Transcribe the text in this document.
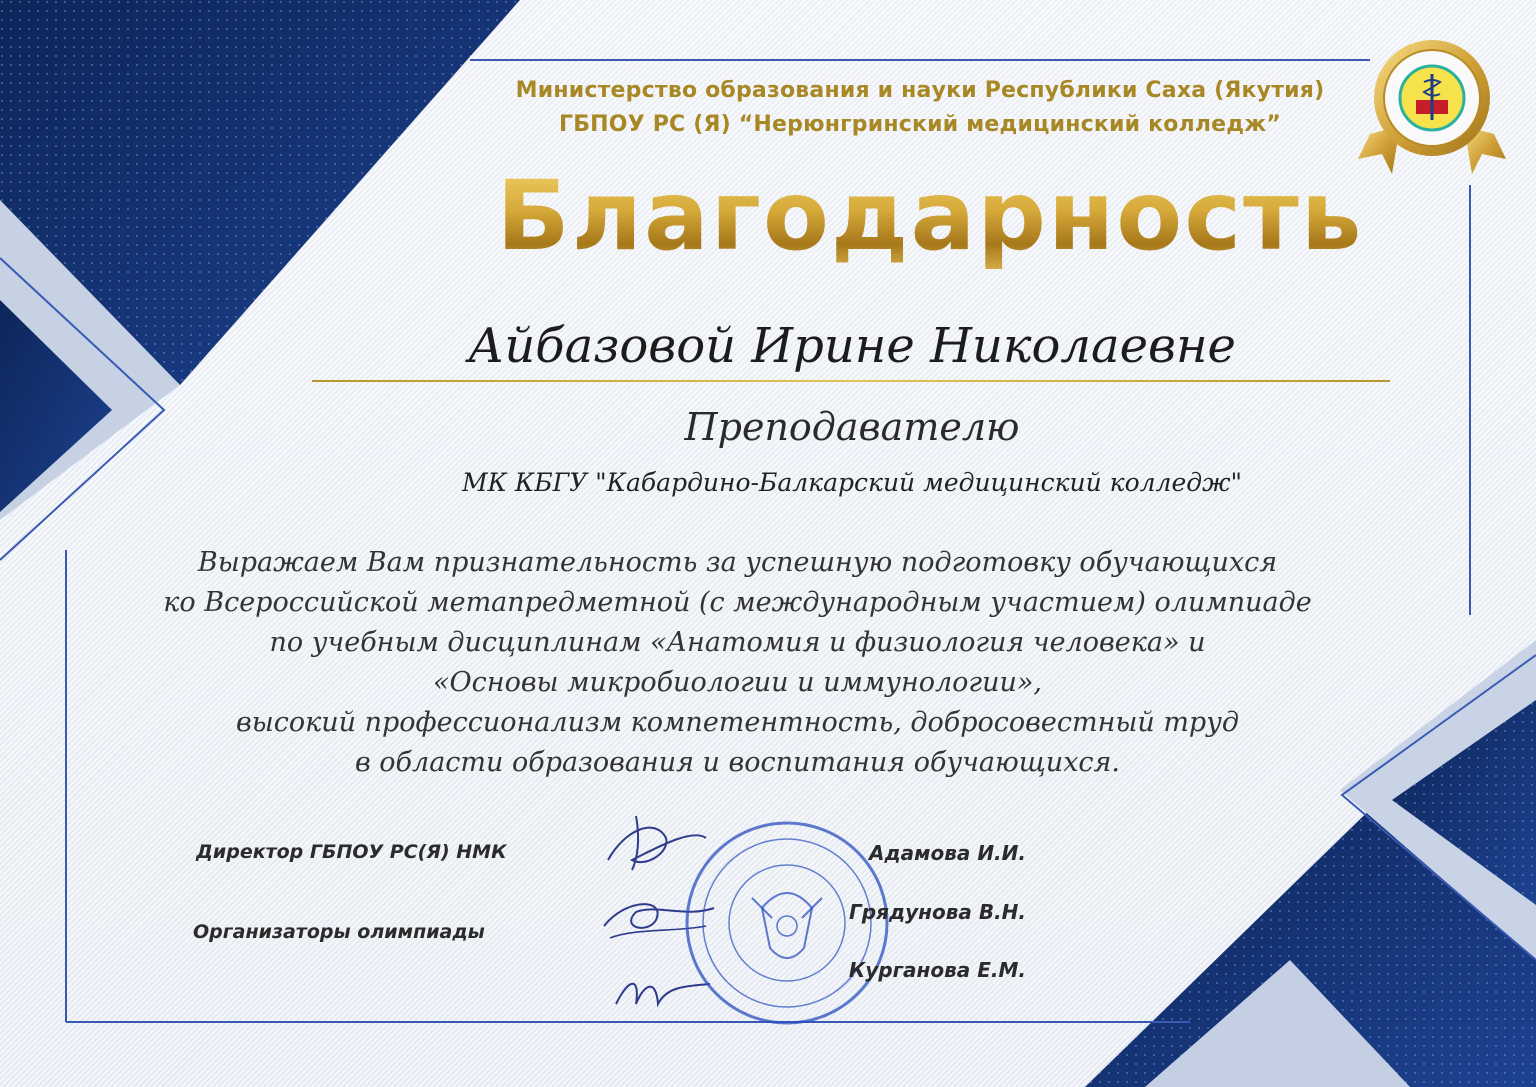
Министерство образования и науки Республики Саха (Якутия)
ГБПОУ РС (Я) “Нерюнгринский медицинский колледж”
Благодарность
Айбазовой Ирине Николаевне
Преподавателю
МК КБГУ "Кабардино-Балкарский медицинский колледж"
Выражаем Вам признательность за успешную подготовку обучающихся
ко Всероссийской метапредметной (с международным участием) олимпиаде
по учебным дисциплинам «Анатомия и физиология человека» и
«Основы микробиологии и иммунологии»,
высокий профессионализм компетентность, добросовестный труд
в области образования и воспитания обучающихся.
Директор ГБПОУ РС(Я) НМК
Организаторы олимпиады
Адамова И.И.
Грядунова В.Н.
Курганова Е.М.
